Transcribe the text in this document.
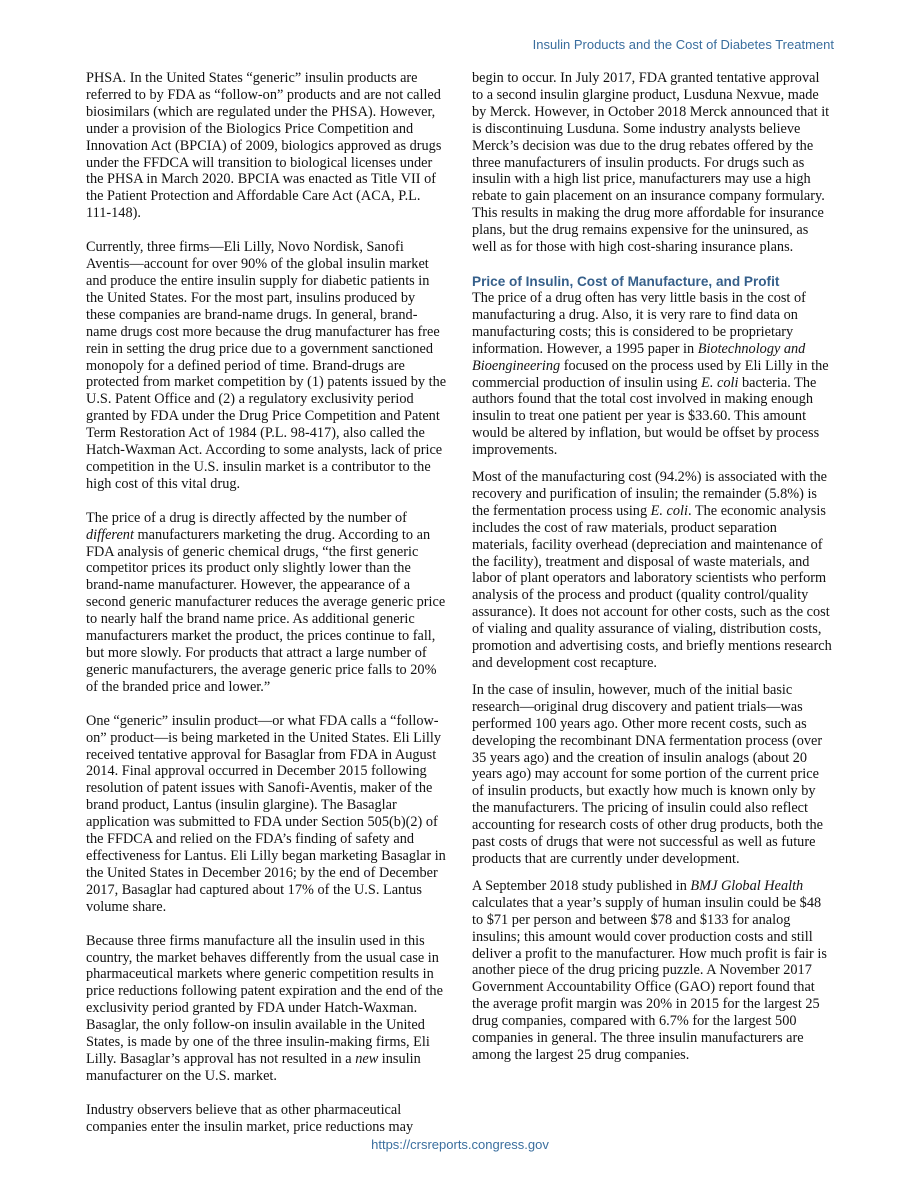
Insulin Products and the Cost of Diabetes Treatment

PHSA. In the United States “generic” insulin products are referred to by FDA as “follow-on” products and are not called biosimilars (which are regulated under the PHSA). However, under a provision of the Biologics Price Competition and Innovation Act (BPCIA) of 2009, biologics approved as drugs under the FFDCA will transition to biological licenses under the PHSA in March 2020. BPCIA was enacted as Title VII of the Patient Protection and Affordable Care Act (ACA, P.L. 111-148).

Currently, three firms—Eli Lilly, Novo Nordisk, Sanofi Aventis—account for over 90% of the global insulin market and produce the entire insulin supply for diabetic patients in the United States. For the most part, insulins produced by these companies are brand-name drugs. In general, brand-name drugs cost more because the drug manufacturer has free rein in setting the drug price due to a government sanctioned monopoly for a defined period of time. Brand-drugs are protected from market competition by (1) patents issued by the U.S. Patent Office and (2) a regulatory exclusivity period granted by FDA under the Drug Price Competition and Patent Term Restoration Act of 1984 (P.L. 98-417), also called the Hatch-Waxman Act. According to some analysts, lack of price competition in the U.S. insulin market is a contributor to the high cost of this vital drug.

The price of a drug is directly affected by the number of different manufacturers marketing the drug. According to an FDA analysis of generic chemical drugs, “the first generic competitor prices its product only slightly lower than the brand-name manufacturer. However, the appearance of a second generic manufacturer reduces the average generic price to nearly half the brand name price. As additional generic manufacturers market the product, the prices continue to fall, but more slowly. For products that attract a large number of generic manufacturers, the average generic price falls to 20% of the branded price and lower.”

One “generic” insulin product—or what FDA calls a “follow-on” product—is being marketed in the United States. Eli Lilly received tentative approval for Basaglar from FDA in August 2014. Final approval occurred in December 2015 following resolution of patent issues with Sanofi-Aventis, maker of the brand product, Lantus (insulin glargine). The Basaglar application was submitted to FDA under Section 505(b)(2) of the FFDCA and relied on the FDA’s finding of safety and effectiveness for Lantus. Eli Lilly began marketing Basaglar in the United States in December 2016; by the end of December 2017, Basaglar had captured about 17% of the U.S. Lantus volume share.

Because three firms manufacture all the insulin used in this country, the market behaves differently from the usual case in pharmaceutical markets where generic competition results in price reductions following patent expiration and the end of the exclusivity period granted by FDA under Hatch-Waxman. Basaglar, the only follow-on insulin available in the United States, is made by one of the three insulin-making firms, Eli Lilly. Basaglar’s approval has not resulted in a new insulin manufacturer on the U.S. market.

Industry observers believe that as other pharmaceutical companies enter the insulin market, price reductions may

begin to occur. In July 2017, FDA granted tentative approval to a second insulin glargine product, Lusduna Nexvue, made by Merck. However, in October 2018 Merck announced that it is discontinuing Lusduna. Some industry analysts believe Merck’s decision was due to the drug rebates offered by the three manufacturers of insulin products. For drugs such as insulin with a high list price, manufacturers may use a high rebate to gain placement on an insurance company formulary. This results in making the drug more affordable for insurance plans, but the drug remains expensive for the uninsured, as well as for those with high cost-sharing insurance plans.

Price of Insulin, Cost of Manufacture, and Profit

The price of a drug often has very little basis in the cost of manufacturing a drug. Also, it is very rare to find data on manufacturing costs; this is considered to be proprietary information. However, a 1995 paper in Biotechnology and Bioengineering focused on the process used by Eli Lilly in the commercial production of insulin using E. coli bacteria. The authors found that the total cost involved in making enough insulin to treat one patient per year is $33.60. This amount would be altered by inflation, but would be offset by process improvements.

Most of the manufacturing cost (94.2%) is associated with the recovery and purification of insulin; the remainder (5.8%) is the fermentation process using E. coli. The economic analysis includes the cost of raw materials, product separation materials, facility overhead (depreciation and maintenance of the facility), treatment and disposal of waste materials, and labor of plant operators and laboratory scientists who perform analysis of the process and product (quality control/quality assurance). It does not account for other costs, such as the cost of vialing and quality assurance of vialing, distribution costs, promotion and advertising costs, and briefly mentions research and development cost recapture.

In the case of insulin, however, much of the initial basic research—original drug discovery and patient trials—was performed 100 years ago. Other more recent costs, such as developing the recombinant DNA fermentation process (over 35 years ago) and the creation of insulin analogs (about 20 years ago) may account for some portion of the current price of insulin products, but exactly how much is known only by the manufacturers. The pricing of insulin could also reflect accounting for research costs of other drug products, both the past costs of drugs that were not successful as well as future products that are currently under development.

A September 2018 study published in BMJ Global Health calculates that a year’s supply of human insulin could be $48 to $71 per person and between $78 and $133 for analog insulins; this amount would cover production costs and still deliver a profit to the manufacturer. How much profit is fair is another piece of the drug pricing puzzle. A November 2017 Government Accountability Office (GAO) report found that the average profit margin was 20% in 2015 for the largest 25 drug companies, compared with 6.7% for the largest 500 companies in general. The three insulin manufacturers are among the largest 25 drug companies.

https://crsreports.congress.gov
